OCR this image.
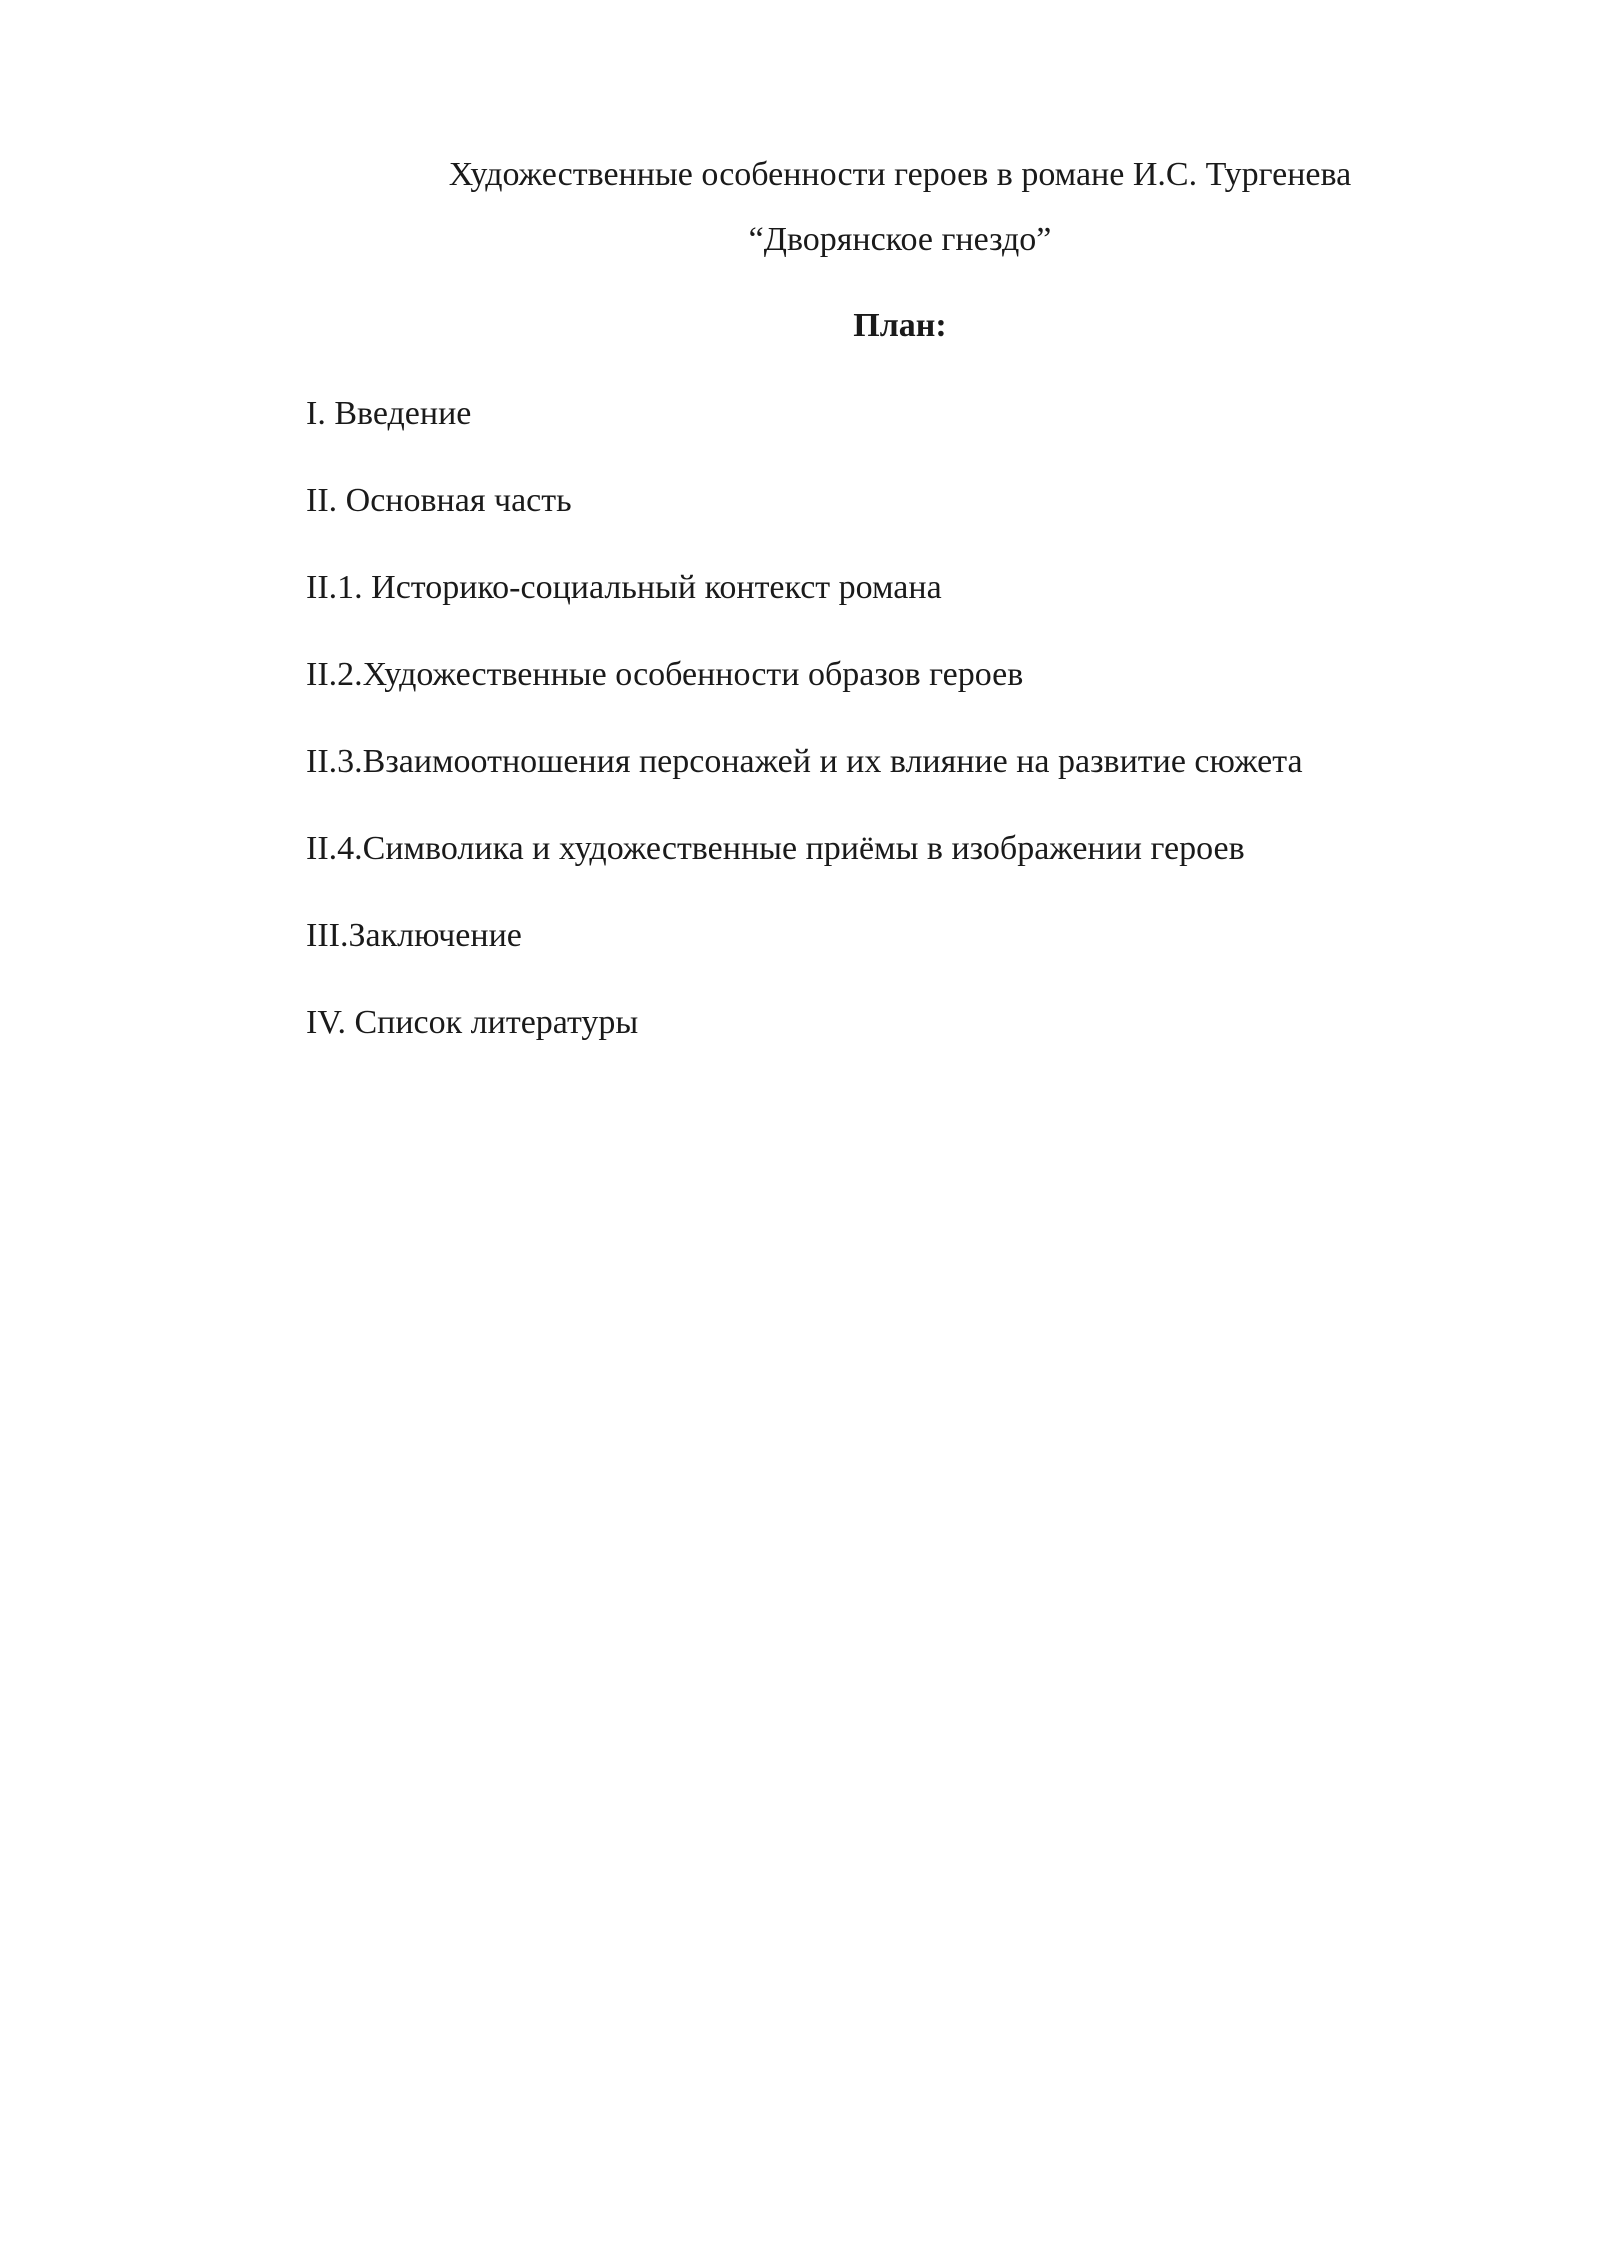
Художественные особенности героев в романе И.С. Тургенева
“Дворянское гнездо”
План:
I. Введение
II. Основная часть
II.1. Историко-социальный контекст романа
II.2.Художественные особенности образов героев
II.3.Взаимоотношения персонажей и их влияние на развитие сюжета
II.4.Символика и художественные приёмы в изображении героев
III.Заключение
IV. Список литературы
